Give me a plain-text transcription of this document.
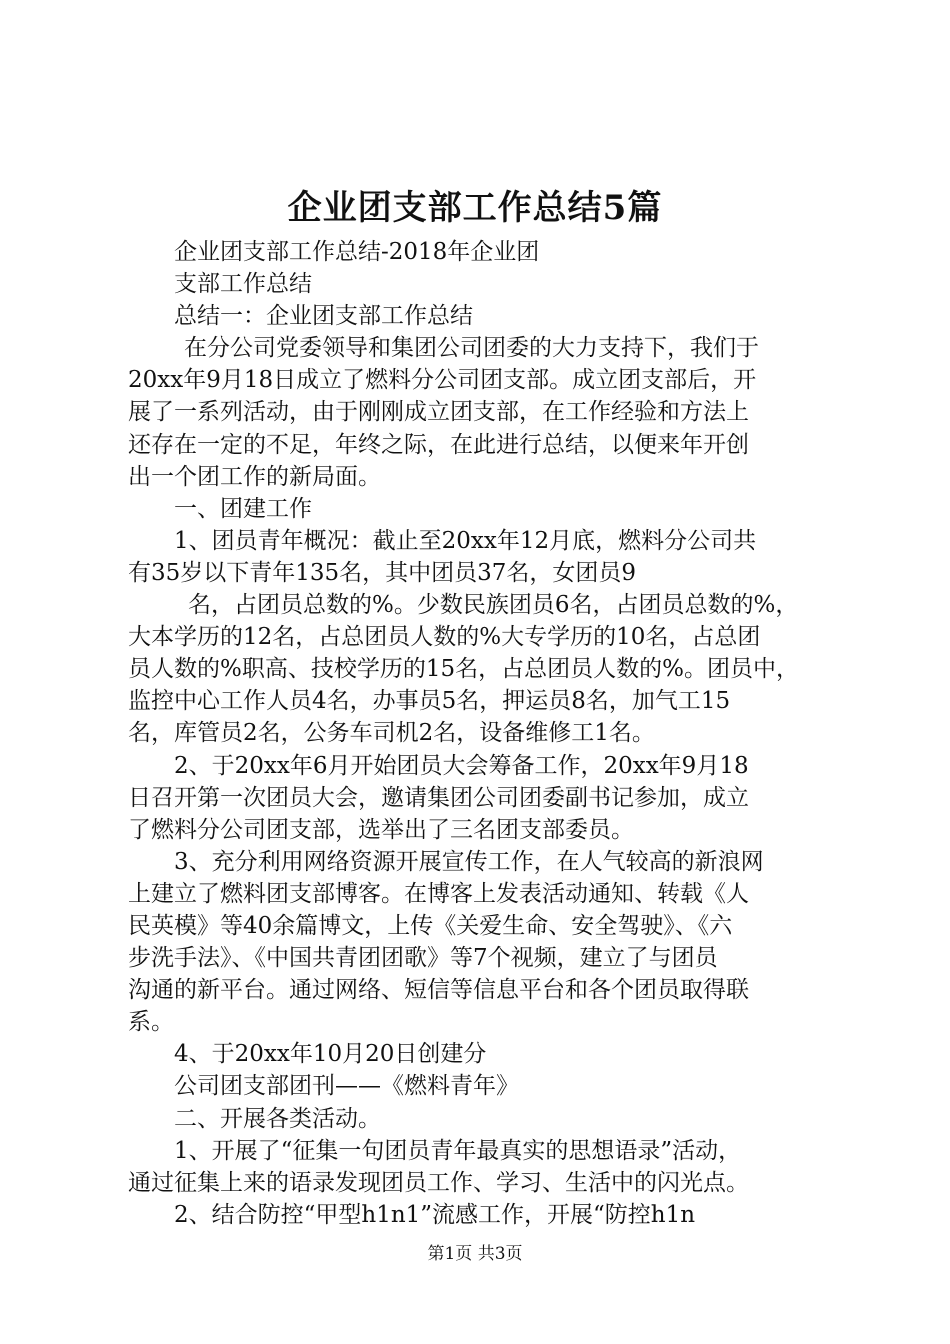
企业团支部工作总结5篇
企业团支部工作总结-2018年企业团
支部工作总结
总结一：企业团支部工作总结
在分公司党委领导和集团公司团委的大力支持下，我们于
20xx年9月18日成立了燃料分公司团支部。成立团支部后，开
展了一系列活动，由于刚刚成立团支部，在工作经验和方法上
还存在一定的不足，年终之际，在此进行总结，以便来年开创
出一个团工作的新局面。
一、团建工作
1、团员青年概况：截止至20xx年12月底，燃料分公司共
有35岁以下青年135名，其中团员37名，女团员9
名，占团员总数的%。少数民族团员6名，占团员总数的%，
大本学历的12名，占总团员人数的%大专学历的10名，占总团
员人数的%职高、技校学历的15名，占总团员人数的%。团员中，
监控中心工作人员4名，办事员5名，押运员8名，加气工15
名，库管员2名，公务车司机2名，设备维修工1名。
2、于20xx年6月开始团员大会筹备工作，20xx年9月18
日召开第一次团员大会，邀请集团公司团委副书记参加，成立
了燃料分公司团支部，选举出了三名团支部委员。
3、充分利用网络资源开展宣传工作，在人气较高的新浪网
上建立了燃料团支部博客。在博客上发表活动通知、转载《人
民英模》等40余篇博文，上传《关爱生命、安全驾驶》、《六
步洗手法》、《中国共青团团歌》等7个视频，建立了与团员
沟通的新平台。通过网络、短信等信息平台和各个团员取得联
系。
4、于20xx年10月20日创建分
公司团支部团刊——《燃料青年》
二、开展各类活动。
1、开展了“征集一句团员青年最真实的思想语录”活动，
通过征集上来的语录发现团员工作、学习、生活中的闪光点。
2、结合防控“甲型h1n1”流感工作，开展“防控h1n
第1页 共3页
